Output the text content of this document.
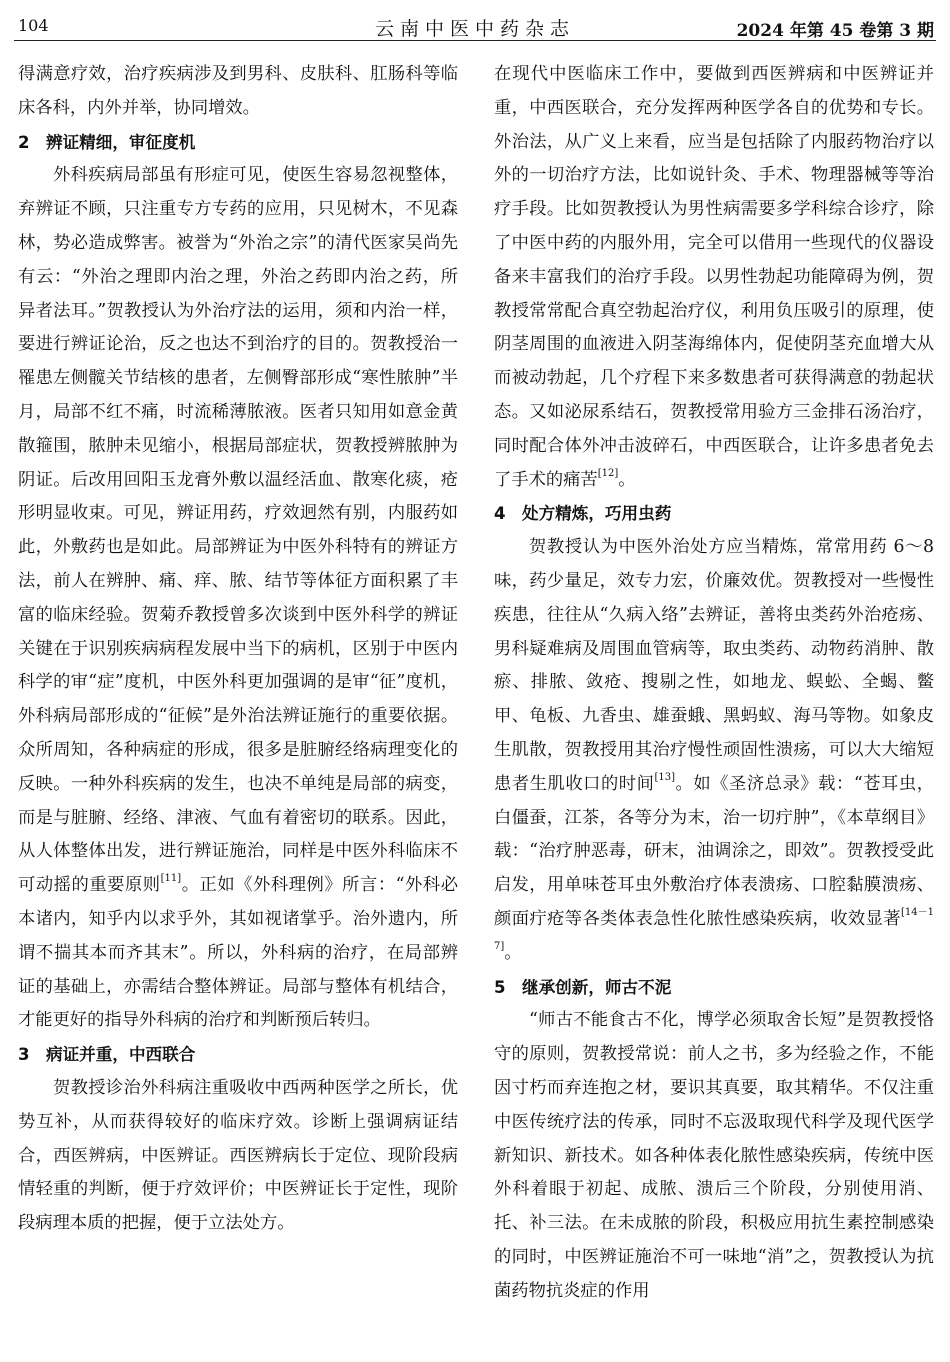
104	云南中医中药杂志	2024 年第 45 卷第 3 期

得满意疗效，治疗疾病涉及到男科、皮肤科、肛肠科等临床各科，内外并举，协同增效。

2 辨证精细，审征度机

外科疾病局部虽有形症可见，使医生容易忽视整体，弃辨证不顾，只注重专方专药的应用，只见树木，不见森林，势必造成弊害。被誉为“外治之宗”的清代医家吴尚先有云：“外治之理即内治之理，外治之药即内治之药，所异者法耳。”贺教授认为外治疗法的运用，须和内治一样，要进行辨证论治，反之也达不到治疗的目的。贺教授治一罹患左侧髋关节结核的患者，左侧臀部形成“寒性脓肿”半月，局部不红不痛，时流稀薄脓液。医者只知用如意金黄散箍围，脓肿未见缩小，根据局部症状，贺教授辨脓肿为阴证。后改用回阳玉龙膏外敷以温经活血、散寒化痰，疮形明显收束。可见，辨证用药，疗效迥然有别，内服药如此，外敷药也是如此。局部辨证为中医外科特有的辨证方法，前人在辨肿、痛、痒、脓、结节等体征方面积累了丰富的临床经验。贺菊乔教授曾多次谈到中医外科学的辨证关键在于识别疾病病程发展中当下的病机，区别于中医内科学的审“症”度机，中医外科更加强调的是审“征”度机，外科病局部形成的“征候”是外治法辨证施行的重要依据。众所周知，各种病症的形成，很多是脏腑经络病理变化的反映。一种外科疾病的发生，也决不单纯是局部的病变，而是与脏腑、经络、津液、气血有着密切的联系。因此，从人体整体出发，进行辨证施治，同样是中医外科临床不可动摇的重要原则[11]。正如《外科理例》所言：“外科必本诸内，知乎内以求乎外，其如视诸掌乎。治外遗内，所谓不揣其本而齐其末”。所以，外科病的治疗，在局部辨证的基础上，亦需结合整体辨证。局部与整体有机结合，才能更好的指导外科病的治疗和判断预后转归。

3 病证并重，中西联合

贺教授诊治外科病注重吸收中西两种医学之所长，优势互补，从而获得较好的临床疗效。诊断上强调病证结合，西医辨病，中医辨证。西医辨病长于定位、现阶段病情轻重的判断，便于疗效评价；中医辨证长于定性，现阶段病理本质的把握，便于立法处方。

在现代中医临床工作中，要做到西医辨病和中医辨证并重，中西医联合，充分发挥两种医学各自的优势和专长。外治法，从广义上来看，应当是包括除了内服药物治疗以外的一切治疗方法，比如说针灸、手术、物理器械等等治疗手段。比如贺教授认为男性病需要多学科综合诊疗，除了中医中药的内服外用，完全可以借用一些现代的仪器设备来丰富我们的治疗手段。以男性勃起功能障碍为例，贺教授常常配合真空勃起治疗仪，利用负压吸引的原理，使阴茎周围的血液进入阴茎海绵体内，促使阴茎充血增大从而被动勃起，几个疗程下来多数患者可获得满意的勃起状态。又如泌尿系结石，贺教授常用验方三金排石汤治疗，同时配合体外冲击波碎石，中西医联合，让许多患者免去了手术的痛苦[12]。

4 处方精炼，巧用虫药

贺教授认为中医外治处方应当精炼，常常用药 6～8 味，药少量足，效专力宏，价廉效优。贺教授对一些慢性疾患，往往从“久病入络”去辨证，善将虫类药外治疮疡、男科疑难病及周围血管病等，取虫类药、动物药消肿、散瘀、排脓、敛疮、搜剔之性，如地龙、蜈蚣、全蝎、鳖甲、龟板、九香虫、雄蚕蛾、黑蚂蚁、海马等物。如象皮生肌散，贺教授用其治疗慢性顽固性溃疡，可以大大缩短患者生肌收口的时间[13]。如《圣济总录》载：“苍耳虫，白僵蚕，江茶，各等分为末，治一切疔肿”，《本草纲目》载：“治疗肿恶毒，研末，油调涂之，即效”。贺教授受此启发，用单味苍耳虫外敷治疗体表溃疡、口腔黏膜溃疡、颜面疔疮等各类体表急性化脓性感染疾病，收效显著[14－17]。

5 继承创新，师古不泥

“师古不能食古不化，博学必须取舍长短”是贺教授恪守的原则，贺教授常说：前人之书，多为经验之作，不能因寸朽而弃连抱之材，要识其真要，取其精华。不仅注重中医传统疗法的传承，同时不忘汲取现代科学及现代医学新知识、新技术。如各种体表化脓性感染疾病，传统中医外科着眼于初起、成脓、溃后三个阶段，分别使用消、托、补三法。在未成脓的阶段，积极应用抗生素控制感染的同时，中医辨证施治不可一味地“消”之，贺教授认为抗菌药物抗炎症的作用
